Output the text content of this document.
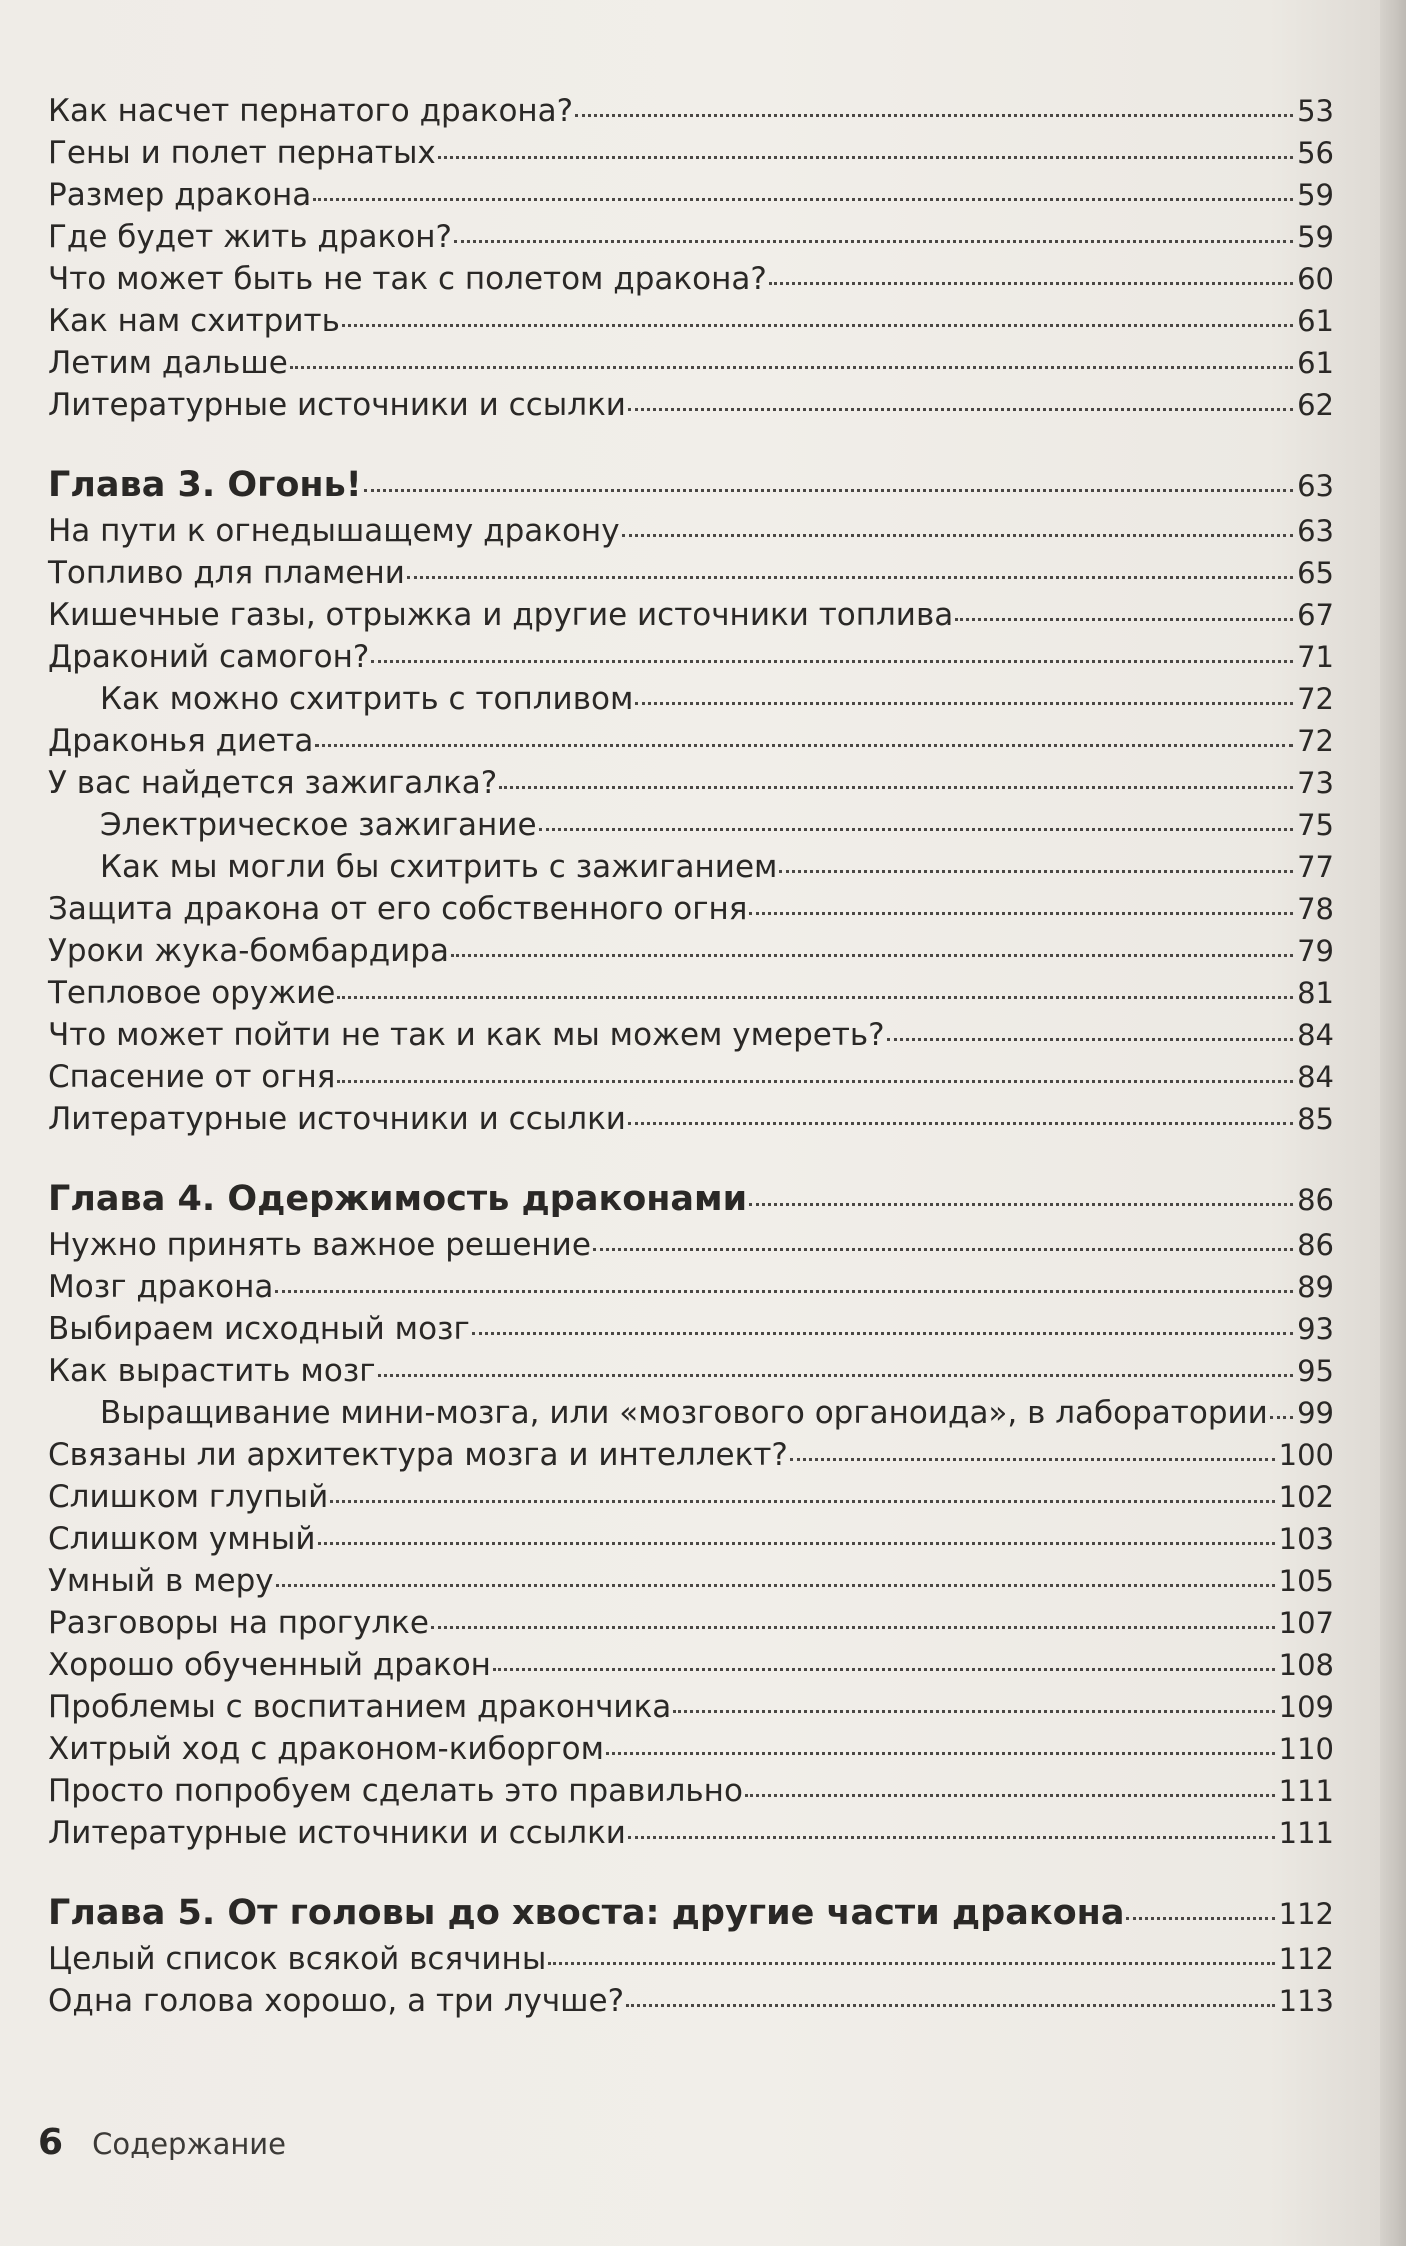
Как насчет пернатого дракона?	53
Гены и полет пернатых	56
Размер дракона	59
Где будет жить дракон?	59
Что может быть не так с полетом дракона?	60
Как нам схитрить	61
Летим дальше	61
Литературные источники и ссылки	62
Глава 3. Огонь!	63
На пути к огнедышащему дракону	63
Топливо для пламени	65
Кишечные газы, отрыжка и другие источники топлива	67
Драконий самогон?	71
Как можно схитрить с топливом	72
Драконья диета	72
У вас найдется зажигалка?	73
Электрическое зажигание	75
Как мы могли бы схитрить с зажиганием	77
Защита дракона от его собственного огня	78
Уроки жука-бомбардира	79
Тепловое оружие	81
Что может пойти не так и как мы можем умереть?	84
Спасение от огня	84
Литературные источники и ссылки	85
Глава 4. Одержимость драконами	86
Нужно принять важное решение	86
Мозг дракона	89
Выбираем исходный мозг	93
Как вырастить мозг	95
Выращивание мини-мозга, или «мозгового органоида», в лаборатории 99
Связаны ли архитектура мозга и интеллект?	100
Слишком глупый	102
Слишком умный	103
Умный в меру	105
Разговоры на прогулке	107
Хорошо обученный дракон	108
Проблемы с воспитанием дракончика	109
Хитрый ход с драконом-киборгом	110
Просто попробуем сделать это правильно	111
Литературные источники и ссылки	111
Глава 5. От головы до хвоста: другие части дракона	112
Целый список всякой всячины	112
Одна голова хорошо, а три лучше?	113
6 Содержание
